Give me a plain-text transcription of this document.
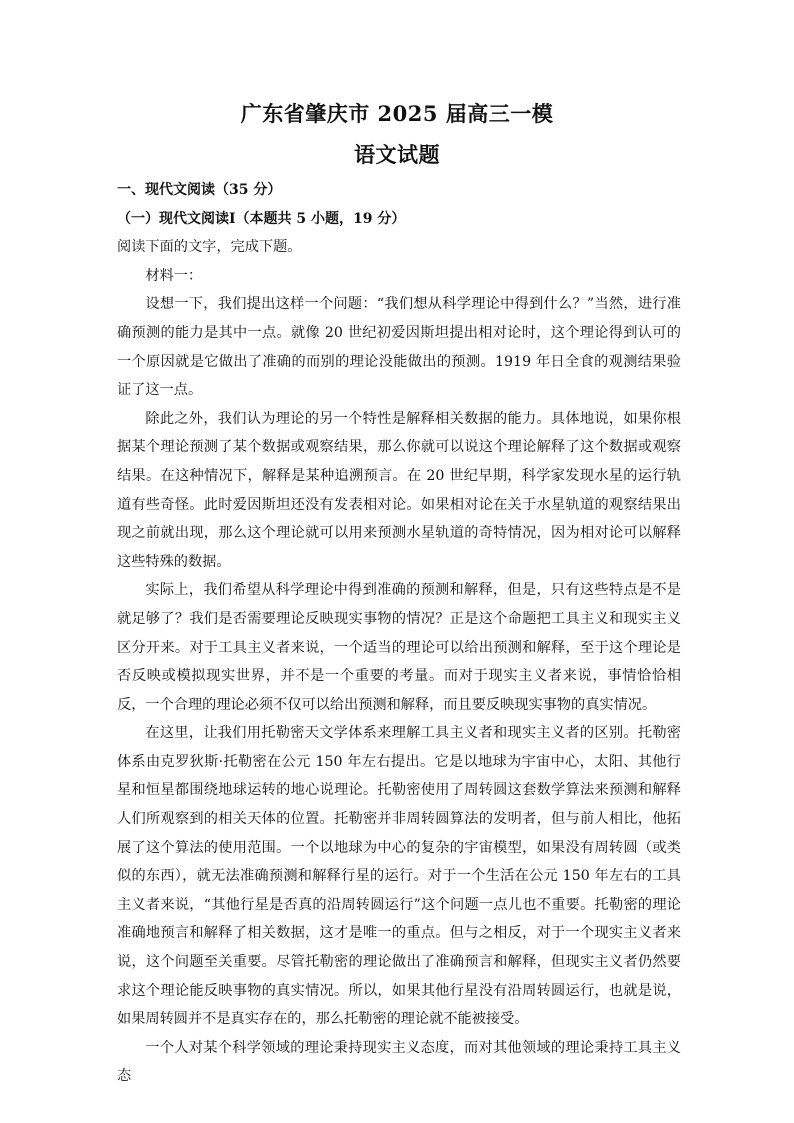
广东省肇庆市 2025 届高三一模
语文试题

一、现代文阅读（35 分）

（一）现代文阅读Ⅰ（本题共 5 小题，19 分）

阅读下面的文字，完成下题。

材料一：

设想一下，我们提出这样一个问题：“我们想从科学理论中得到什么？”当然，进行准确预测的能力是其中一点。就像 20 世纪初爱因斯坦提出相对论时，这个理论得到认可的一个原因就是它做出了准确的而别的理论没能做出的预测。1919 年日全食的观测结果验证了这一点。

除此之外，我们认为理论的另一个特性是解释相关数据的能力。具体地说，如果你根据某个理论预测了某个数据或观察结果，那么你就可以说这个理论解释了这个数据或观察结果。在这种情况下，解释是某种追溯预言。在 20 世纪早期，科学家发现水星的运行轨道有些奇怪。此时爱因斯坦还没有发表相对论。如果相对论在关于水星轨道的观察结果出现之前就出现，那么这个理论就可以用来预测水星轨道的奇特情况，因为相对论可以解释这些特殊的数据。

实际上，我们希望从科学理论中得到准确的预测和解释，但是，只有这些特点是不是就足够了？我们是否需要理论反映现实事物的情况？正是这个命题把工具主义和现实主义区分开来。对于工具主义者来说，一个适当的理论可以给出预测和解释，至于这个理论是否反映或模拟现实世界，并不是一个重要的考量。而对于现实主义者来说，事情恰恰相反，一个合理的理论必须不仅可以给出预测和解释，而且要反映现实事物的真实情况。

在这里，让我们用托勒密天文学体系来理解工具主义者和现实主义者的区别。托勒密体系由克罗狄斯·托勒密在公元 150 年左右提出。它是以地球为宇宙中心，太阳、其他行星和恒星都围绕地球运转的地心说理论。托勒密使用了周转圆这套数学算法来预测和解释人们所观察到的相关天体的位置。托勒密并非周转圆算法的发明者，但与前人相比，他拓展了这个算法的使用范围。一个以地球为中心的复杂的宇宙模型，如果没有周转圆（或类似的东西），就无法准确预测和解释行星的运行。对于一个生活在公元 150 年左右的工具主义者来说，“其他行星是否真的沿周转圆运行”这个问题一点儿也不重要。托勒密的理论准确地预言和解释了相关数据，这才是唯一的重点。但与之相反，对于一个现实主义者来说，这个问题至关重要。尽管托勒密的理论做出了准确预言和解释，但现实主义者仍然要求这个理论能反映事物的真实情况。所以，如果其他行星没有沿周转圆运行，也就是说，如果周转圆并不是真实存在的，那么托勒密的理论就不能被接受。

一个人对某个科学领域的理论秉持现实主义态度，而对其他领域的理论秉持工具主义态
